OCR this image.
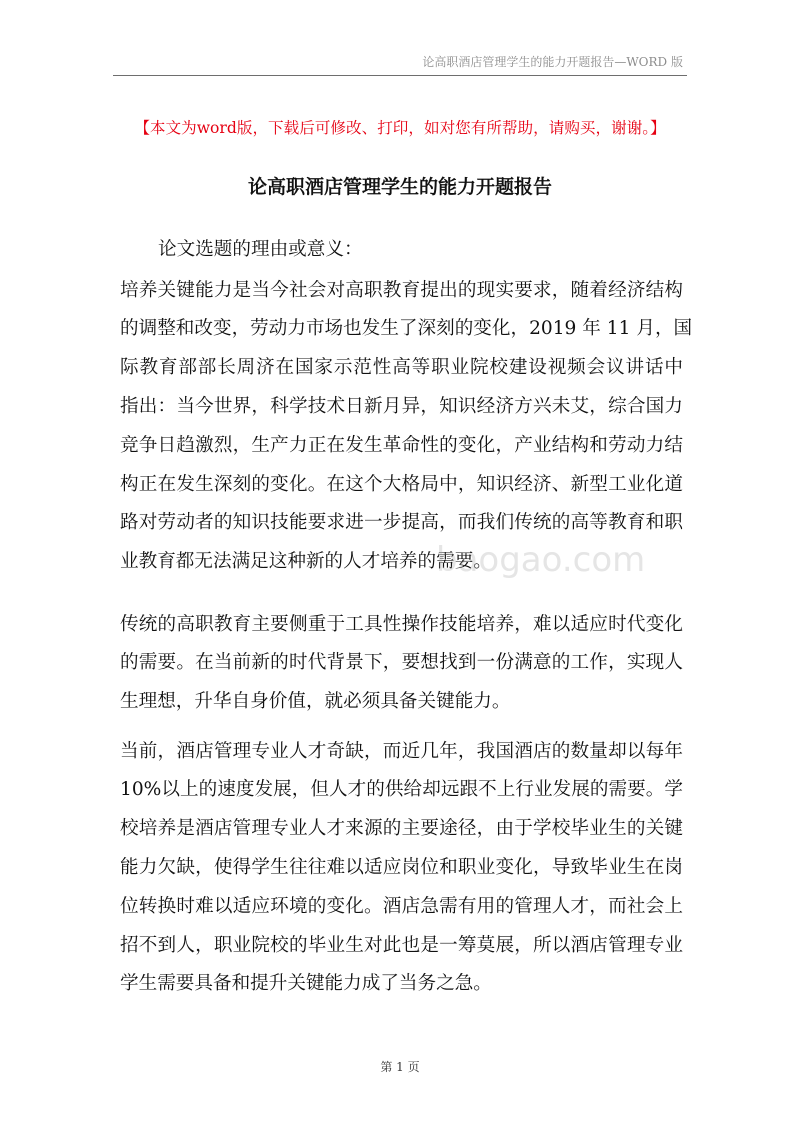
论高职酒店管理学生的能力开题报告—WORD 版
【本文为word版，下载后可修改、打印，如对您有所帮助，请购买，谢谢。】
论高职酒店管理学生的能力开题报告
论文选题的理由或意义：
培养关键能力是当今社会对高职教育提出的现实要求，随着经济结构
的调整和改变，劳动力市场也发生了深刻的变化，2019 年 11 月，国
际教育部部长周济在国家示范性高等职业院校建设视频会议讲话中
指出：当今世界，科学技术日新月异，知识经济方兴未艾，综合国力
竞争日趋激烈，生产力正在发生革命性的变化，产业结构和劳动力结
构正在发生深刻的变化。在这个大格局中，知识经济、新型工业化道
路对劳动者的知识技能要求进一步提高，而我们传统的高等教育和职
业教育都无法满足这种新的人才培养的需要。
传统的高职教育主要侧重于工具性操作技能培养，难以适应时代变化
的需要。在当前新的时代背景下，要想找到一份满意的工作，实现人
生理想，升华自身价值，就必须具备关键能力。
当前，酒店管理专业人才奇缺，而近几年，我国酒店的数量却以每年
10%以上的速度发展，但人才的供给却远跟不上行业发展的需要。学
校培养是酒店管理专业人才来源的主要途径，由于学校毕业生的关键
能力欠缺，使得学生往往难以适应岗位和职业变化，导致毕业生在岗
位转换时难以适应环境的变化。酒店急需有用的管理人才，而社会上
招不到人，职业院校的毕业生对此也是一筹莫展，所以酒店管理专业
学生需要具备和提升关键能力成了当务之急。
baogao.com
第 1 页
